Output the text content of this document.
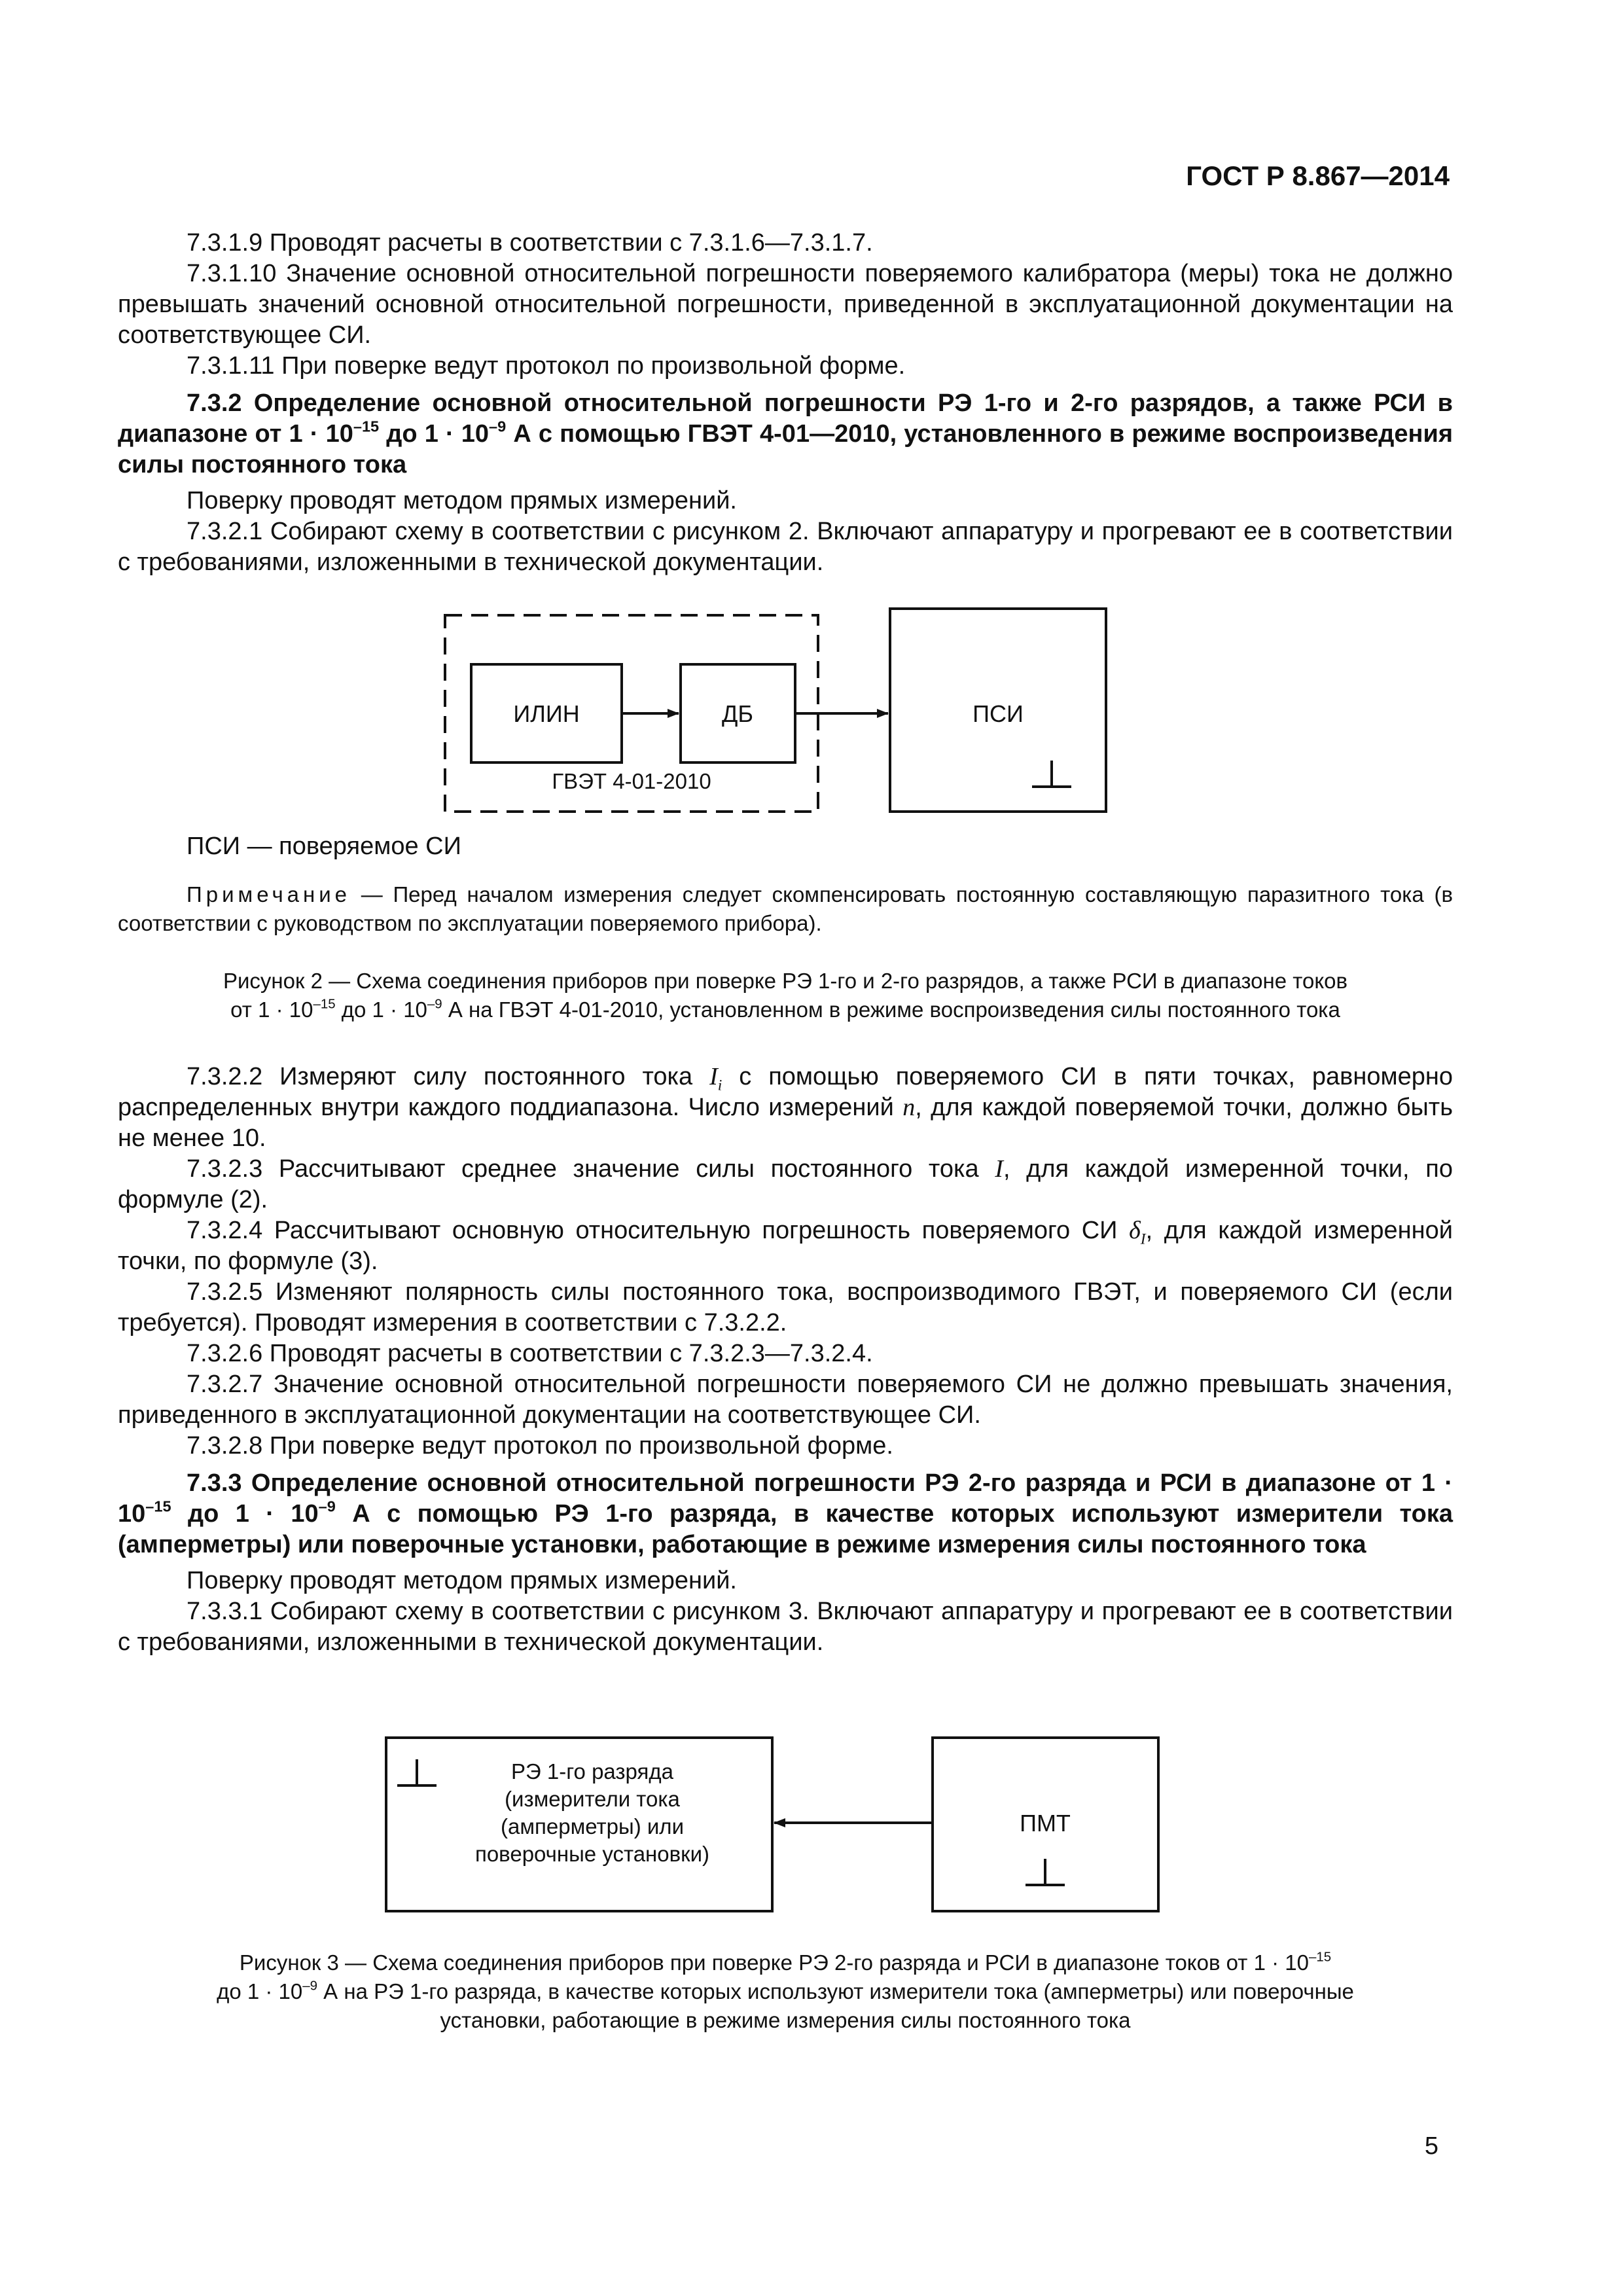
ГОСТ Р 8.867—2014

7.3.1.9 Проводят расчеты в соответствии с 7.3.1.6—7.3.1.7.

7.3.1.10 Значение основной относительной погрешности поверяемого калибратора (меры) тока не должно превышать значений основной относительной погрешности, приведенной в эксплуатационной документации на соответствующее СИ.

7.3.1.11 При поверке ведут протокол по произвольной форме.

7.3.2 Определение основной относительной погрешности РЭ 1-го и 2-го разрядов, а также РСИ в диапазоне от $1 \cdot 10^{-15}$ до $1 \cdot 10^{-9}$ А с помощью ГВЭТ 4-01—2010, установленного в режиме воспроизведения силы постоянного тока

Поверку проводят методом прямых измерений.

7.3.2.1 Собирают схему в соответствии с рисунком 2. Включают аппаратуру и прогревают ее в соответствии с требованиями, изложенными в технической документации.

ИЛИН	ДБ
ГВЭТ 4-01-2010
ПСИ

ПСИ — поверяемое СИ

Примечание — Перед началом измерения следует скомпенсировать постоянную составляющую паразитного тока (в соответствии с руководством по эксплуатации поверяемого прибора).

Рисунок 2 — Схема соединения приборов при поверке РЭ 1-го и 2-го разрядов, а также РСИ в диапазоне токов
от $1 \cdot 10^{-15}$ до $1 \cdot 10^{-9}$ А на ГВЭТ 4-01-2010, установленном в режиме воспроизведения силы постоянного тока

7.3.2.2 Измеряют силу постоянного тока $I_i$ с помощью поверяемого СИ в пяти точках, равномерно распределенных внутри каждого поддиапазона. Число измерений n, для каждой поверяемой точки, должно быть не менее 10.

7.3.2.3 Рассчитывают среднее значение силы постоянного тока I, для каждой измеренной точки, по формуле (2).

7.3.2.4 Рассчитывают основную относительную погрешность поверяемого СИ $\delta_I$, для каждой измеренной точки, по формуле (3).

7.3.2.5 Изменяют полярность силы постоянного тока, воспроизводимого ГВЭТ, и поверяемого СИ (если требуется). Проводят измерения в соответствии с 7.3.2.2.

7.3.2.6 Проводят расчеты в соответствии с 7.3.2.3—7.3.2.4.

7.3.2.7 Значение основной относительной погрешности поверяемого СИ не должно превышать значения, приведенного в эксплуатационной документации на соответствующее СИ.

7.3.2.8 При поверке ведут протокол по произвольной форме.

7.3.3 Определение основной относительной погрешности РЭ 2-го разряда и РСИ в диапазоне от $1 \cdot 10^{-15}$ до $1 \cdot 10^{-9}$ А с помощью РЭ 1-го разряда, в качестве которых используют измерители тока (амперметры) или поверочные установки, работающие в режиме измерения силы постоянного тока

Поверку проводят методом прямых измерений.

7.3.3.1 Собирают схему в соответствии с рисунком 3. Включают аппаратуру и прогревают ее в соответствии с требованиями, изложенными в технической документации.

РЭ 1-го разряда
(измерители тока
(амперметры) или
поверочные установки)
ПМТ
Рисунок 3 — Схема соединения приборов при поверке РЭ 2-го разряда и РСИ в диапазоне токов от $1 \cdot 10^{-15}$
до $1 \cdot 10^{-9}$ А на РЭ 1-го разряда, в качестве которых используют измерители тока (амперметры) или поверочные
установки, работающие в режиме измерения силы постоянного тока
5
